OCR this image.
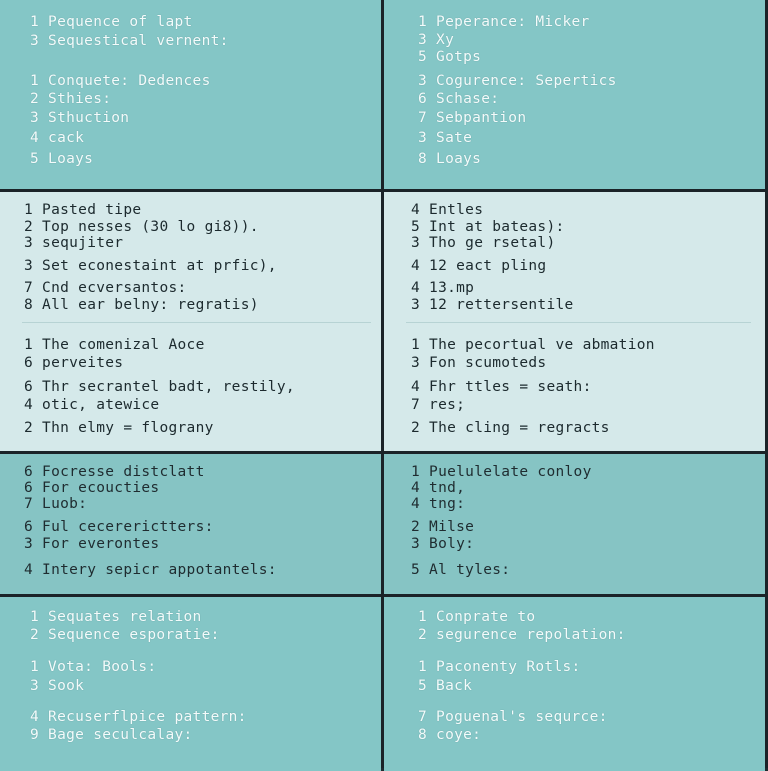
1 Pequence of lapt
3 Sequestical vernent:
1 Conquete: Dedences
2 Sthies:
3 Sthuction
4 cack
5 Loays
1 Peperance: Micker
3 Xy
5 Gotps
3 Cogurence: Sepertics
6 Schase:
7 Sebpantion
3 Sate
8 Loays
1 Pasted tipe
2 Top nesses (30 lo gi8)).
3 sequjiter
3 Set econestaint at prfic),
7 Cnd ecversantos:
8 All ear belny: regratis)
1 The comenizal Aoce
6 perveites
6 Thr secrantel badt, restily,
4 otic, atewice
2 Thn elmy = flograny
4 Entles
5 Int at bateas):
3 Tho ge rsetal)
4 12 eact pling
4 13.mp
3 12 rettersentile
1 The pecortual ve abmation
3 Fon scumoteds
4 Fhr ttles = seath:
7 res;
2 The cling = regracts
6 Focresse distclatt
6 For ecoucties
7 Luob:
6 Ful cecererictters:
3 For everontes
4 Intery sepicr appotantels:
1 Puelulelate conloy
4 tnd,
4 tng:
2 Milse
3 Boly:
5 Al tyles:
1 Sequates relation
2 Sequence esporatie:
1 Vota: Bools:
3 Sook
4 Recuserflpice pattern:
9 Bage seculcalay:
1 Conprate to
2 segurence repolation:
1 Paconenty Rotls:
5 Back
7 Poguenal's sequrce:
8 coye:
